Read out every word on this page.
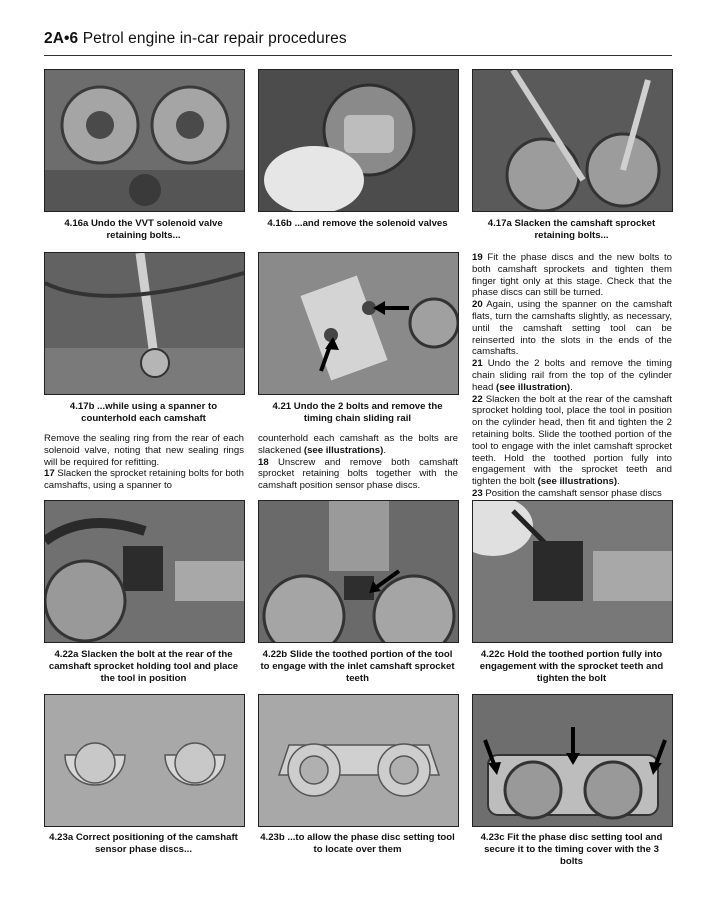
2A•6 Petrol engine in-car repair procedures
4.16a Undo the VVT solenoid valve retaining bolts...
4.16b ...and remove the solenoid valves	4.17a Slacken the camshaft sprocket retaining bolts...
4.17b ...while using a spanner to counterhold each camshaft
4.21 Undo the 2 bolts and remove the timing chain sliding rail

Remove the sealing ring from the rear of each solenoid valve, noting that new sealing rings will be required for refitting.

17 Slacken the sprocket retaining bolts for both camshafts, using a spanner to

counterhold each camshaft as the bolts are slackened (see illustrations).

18 Unscrew and remove both camshaft sprocket retaining bolts together with the camshaft position sensor phase discs.

19 Fit the phase discs and the new bolts to both camshaft sprockets and tighten them finger tight only at this stage. Check that the phase discs can still be turned.

20 Again, using the spanner on the camshaft flats, turn the camshafts slightly, as necessary, until the camshaft setting tool can be reinserted into the slots in the ends of the camshafts.

21 Undo the 2 bolts and remove the timing chain sliding rail from the top of the cylinder head (see illustration).

22 Slacken the bolt at the rear of the camshaft sprocket holding tool, place the tool in position on the cylinder head, then fit and tighten the 2 retaining bolts. Slide the toothed portion of the tool to engage with the inlet camshaft sprocket teeth. Hold the toothed portion fully into engagement with the sprocket teeth and tighten the bolt (see illustrations).

23 Position the camshaft sensor phase discs

4.22a Slacken the bolt at the rear of the camshaft sprocket holding tool and place the tool in position
4.22b Slide the toothed portion of the tool to engage with the inlet camshaft sprocket teeth
4.22c Hold the toothed portion fully into engagement with the sprocket teeth and tighten the bolt
4.23a Correct positioning of the camshaft sensor phase discs...
4.23b ...to allow the phase disc setting tool to locate over them
4.23c Fit the phase disc setting tool and secure it to the timing cover with the 3 bolts
